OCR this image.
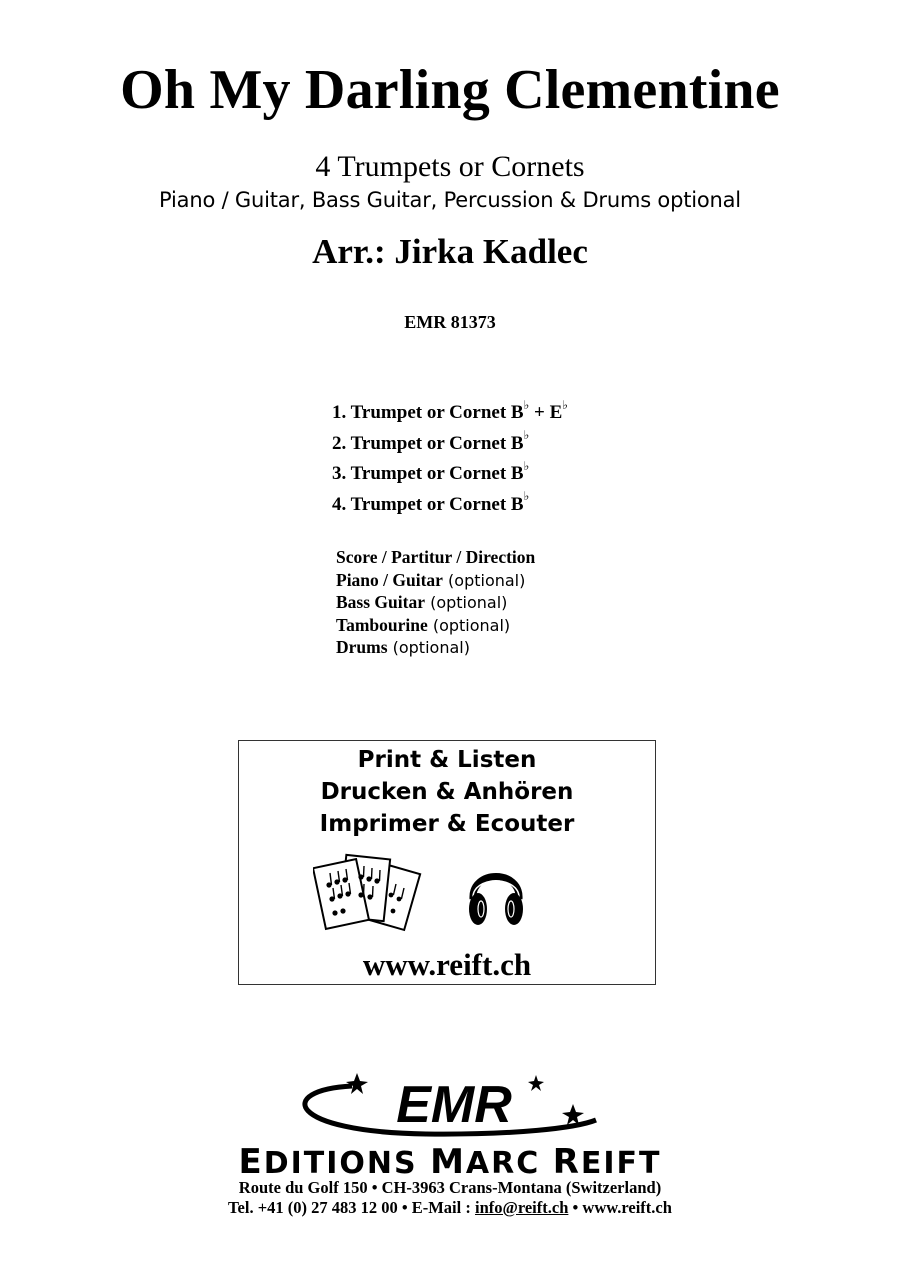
Oh My Darling Clementine
4 Trumpets or Cornets
Piano / Guitar, Bass Guitar, Percussion & Drums optional
Arr.: Jirka Kadlec
EMR 81373
1. Trumpet or Cornet B♭ + E♭
2. Trumpet or Cornet B♭
3. Trumpet or Cornet B♭
4. Trumpet or Cornet B♭
Score / Partitur / Direction
Piano / Guitar (optional)
Bass Guitar (optional)
Tambourine (optional)
Drums (optional)
Print & Listen
Drucken & Anhören
Imprimer & Ecouter
www.reift.ch
EMR
EDITIONS MARC REIFT
Route du Golf 150 • CH-3963 Crans-Montana (Switzerland)
Tel. +41 (0) 27 483 12 00 • E-Mail : info@reift.ch • www.reift.ch
